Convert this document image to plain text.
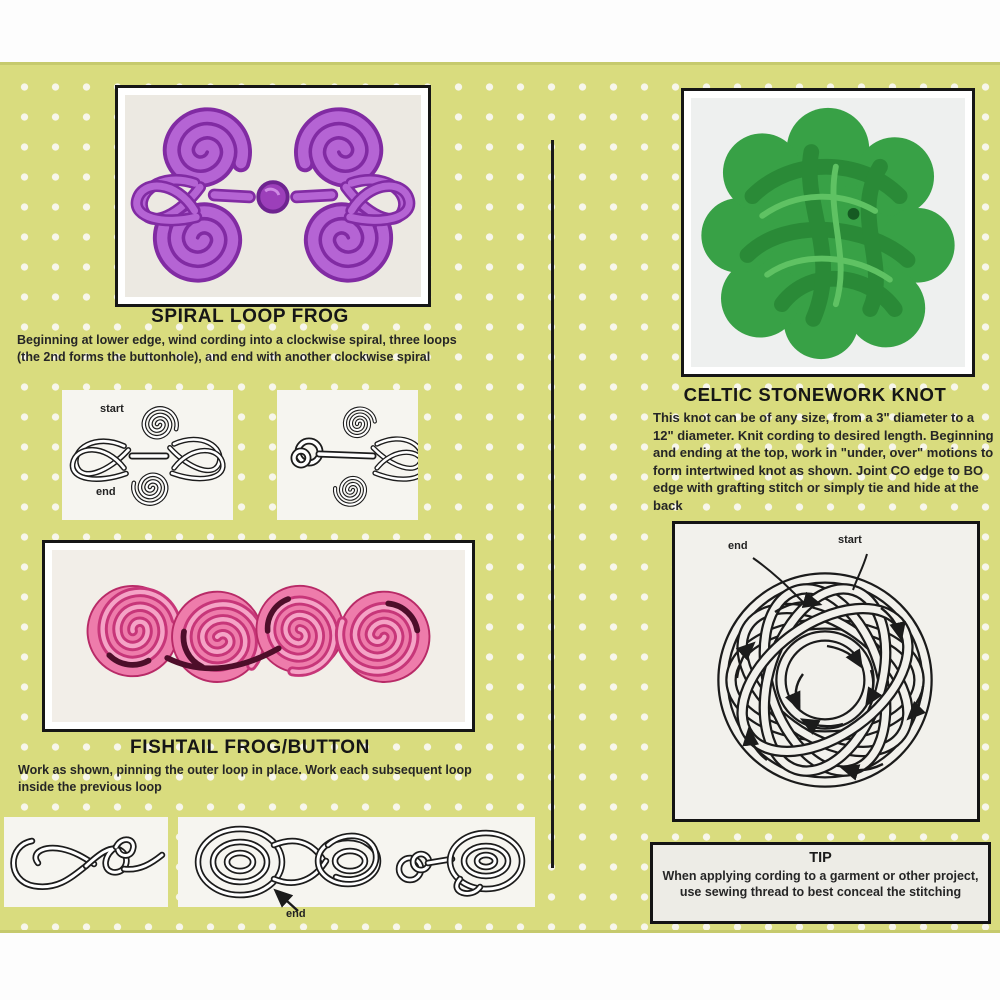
SPIRAL LOOP FROG
Beginning at lower edge, wind cording into a clockwise spiral, three loops (the 2nd forms the buttonhole), and end with another clockwise spiral
start
end
FISHTAIL FROG/BUTTON
Work as shown, pinning the outer loop in place. Work each subsequent loop inside the previous loop
end
CELTIC STONEWORK KNOT
This knot can be of any size, from a 3" diameter to a 12" diameter. Knit cording to desired length. Beginning and ending at the top, work in "under, over" motions to form intertwined knot as shown. Joint CO edge to BO edge with grafting stitch or simply tie and hide at the back
end	start
TIP
When applying cording to a garment or other project, use sewing thread to best conceal the stitching
